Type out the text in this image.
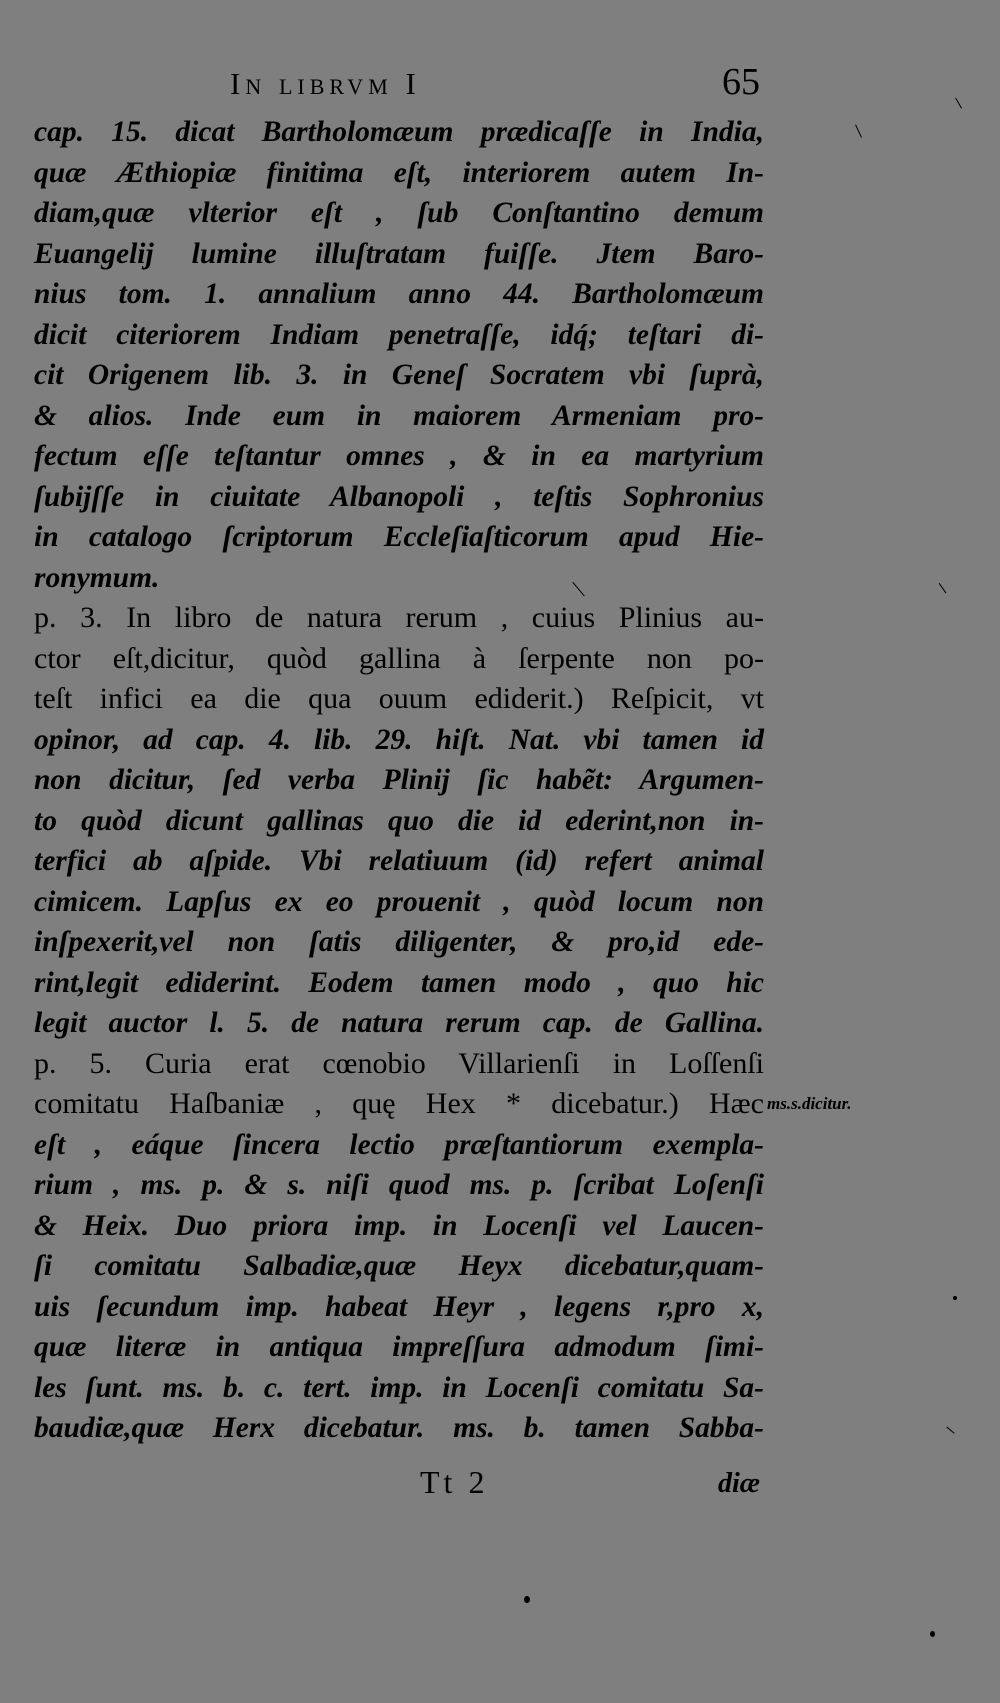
In librvm I	65
cap. 15. dicat Bartholomæum prædicaſſe in India,
quæ Æthiopiæ finitima eſt, interiorem autem In-
diam,quæ vlterior eſt , ſub Conſtantino demum
Euangelij lumine illuſtratam fuiſſe. Jtem Baro-
nius tom. 1. annalium anno 44. Bartholomæum
dicit citeriorem Indiam penetraſſe, idq́; teſtari di-
cit Origenem lib. 3. in Geneſ Socratem vbi ſuprà,
& alios. Inde eum in maiorem Armeniam pro-
fectum eſſe teſtantur omnes , & in ea martyrium
ſubijſſe in ciuitate Albanopoli , teſtis Sophronius
in catalogo ſcriptorum Eccleſiaſticorum apud Hie-
ronymum.
p. 3. In libro de natura rerum , cuius Plinius au-
ctor eſt,dicitur, quòd gallina à ſerpente non po-
teſt infici ea die qua ouum ediderit.) Reſpicit, vt
opinor, ad cap. 4. lib. 29. hiſt. Nat. vbi tamen id
non dicitur, ſed verba Plinij ſic habẽt: Argumen-
to quòd dicunt gallinas quo die id ederint,non in-
terfici ab aſpide. Vbi relatiuum (id) refert animal
cimicem. Lapſus ex eo prouenit , quòd locum non
inſpexerit,vel non ſatis diligenter, & pro,id ede-
rint,legit ediderint. Eodem tamen modo , quo hic
legit auctor l. 5. de natura rerum cap. de Gallina.
p. 5. Curia erat cœnobio Villarienſi in Loſſenſi
comitatu Haſbaniæ , quę Hex * dicebatur.) Hæc
eſt , eáque ſincera lectio præſtantiorum exempla-
rium , ms. p. & s. niſi quod ms. p. ſcribat Loſenſi
& Heix. Duo priora imp. in Locenſi vel Laucen-
ſi comitatu Salbadiæ,quæ Heyx dicebatur,quam-
uis ſecundum imp. habeat Heyr , legens r,pro x,
quæ literæ in antiqua impreſſura admodum ſimi-
les ſunt. ms. b. c. tert. imp. in Locenſi comitatu Sa-
baudiæ,quæ Herx dicebatur. ms. b. tamen Sabba-
ms.s.dicitur.
Tt 2	diæ
